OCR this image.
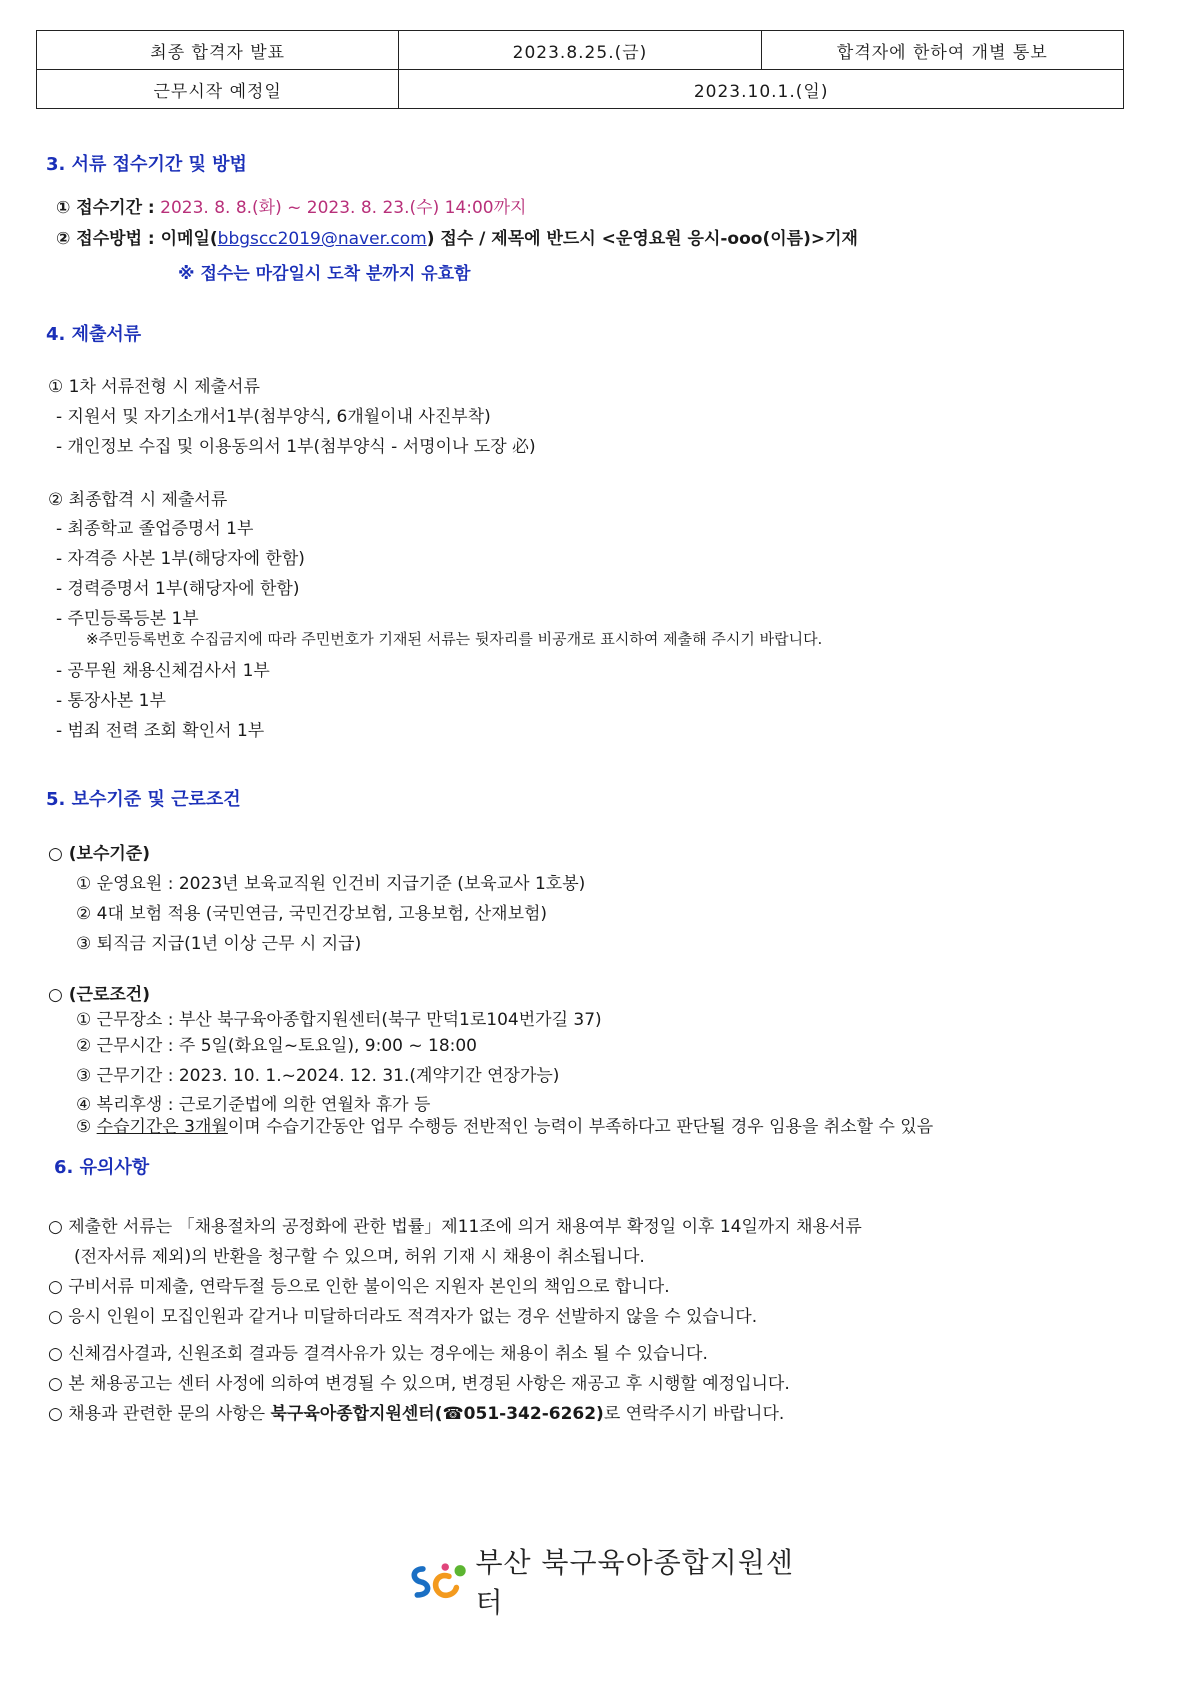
최종 합격자 발표	2023.8.25.(금)	합격자에 한하여 개별 통보
근무시작 예정일	2023.10.1.(일)	
3. 서류 접수기간 및 방법
① 접수기간 : 2023. 8. 8.(화) ~ 2023. 8. 23.(수) 14:00까지
② 접수방법 : 이메일(bbgscc2019@naver.com) 접수 / 제목에 반드시 <운영요원 응시-ooo(이름)>기재
※ 접수는 마감일시 도착 분까지 유효함
4. 제출서류
① 1차 서류전형 시 제출서류
- 지원서 및 자기소개서1부(첨부양식, 6개월이내 사진부착)
- 개인정보 수집 및 이용동의서 1부(첨부양식 - 서명이나 도장 必)
② 최종합격 시 제출서류
- 최종학교 졸업증명서 1부
- 자격증 사본 1부(해당자에 한함)
- 경력증명서 1부(해당자에 한함)
- 주민등록등본 1부
※주민등록번호 수집금지에 따라 주민번호가 기재된 서류는 뒷자리를 비공개로 표시하여 제출해 주시기 바랍니다.
- 공무원 채용신체검사서 1부
- 통장사본 1부
- 범죄 전력 조회 확인서 1부
5. 보수기준 및 근로조건
○ (보수기준)
① 운영요원 : 2023년 보육교직원 인건비 지급기준 (보육교사 1호봉)
② 4대 보험 적용 (국민연금, 국민건강보험, 고용보험, 산재보험)
③ 퇴직금 지급(1년 이상 근무 시 지급)
○ (근로조건)
① 근무장소 : 부산 북구육아종합지원센터(북구 만덕1로104번가길 37)
② 근무시간 : 주 5일(화요일~토요일), 9:00 ~ 18:00
③ 근무기간 : 2023. 10. 1.~2024. 12. 31.(계약기간 연장가능)
④ 복리후생 : 근로기준법에 의한 연월차 휴가 등
⑤ 수습기간은 3개월이며 수습기간동안 업무 수행등 전반적인 능력이 부족하다고 판단될 경우 임용을 취소할 수 있음
6. 유의사항
○ 제출한 서류는 「채용절차의 공정화에 관한 법률」제11조에 의거 채용여부 확정일 이후 14일까지 채용서류
(전자서류 제외)의 반환을 청구할 수 있으며, 허위 기재 시 채용이 취소됩니다.
○ 구비서류 미제출, 연락두절 등으로 인한 불이익은 지원자 본인의 책임으로 합니다.
○ 응시 인원이 모집인원과 같거나 미달하더라도 적격자가 없는 경우 선발하지 않을 수 있습니다.
○ 신체검사결과, 신원조회 결과등 결격사유가 있는 경우에는 채용이 취소 될 수 있습니다.
○ 본 채용공고는 센터 사정에 의하여 변경될 수 있으며, 변경된 사항은 재공고 후 시행할 예정입니다.
○ 채용과 관련한 문의 사항은 북구육아종합지원센터(☎051-342-6262)로 연락주시기 바랍니다.
부산 북구육아종합지원센터
